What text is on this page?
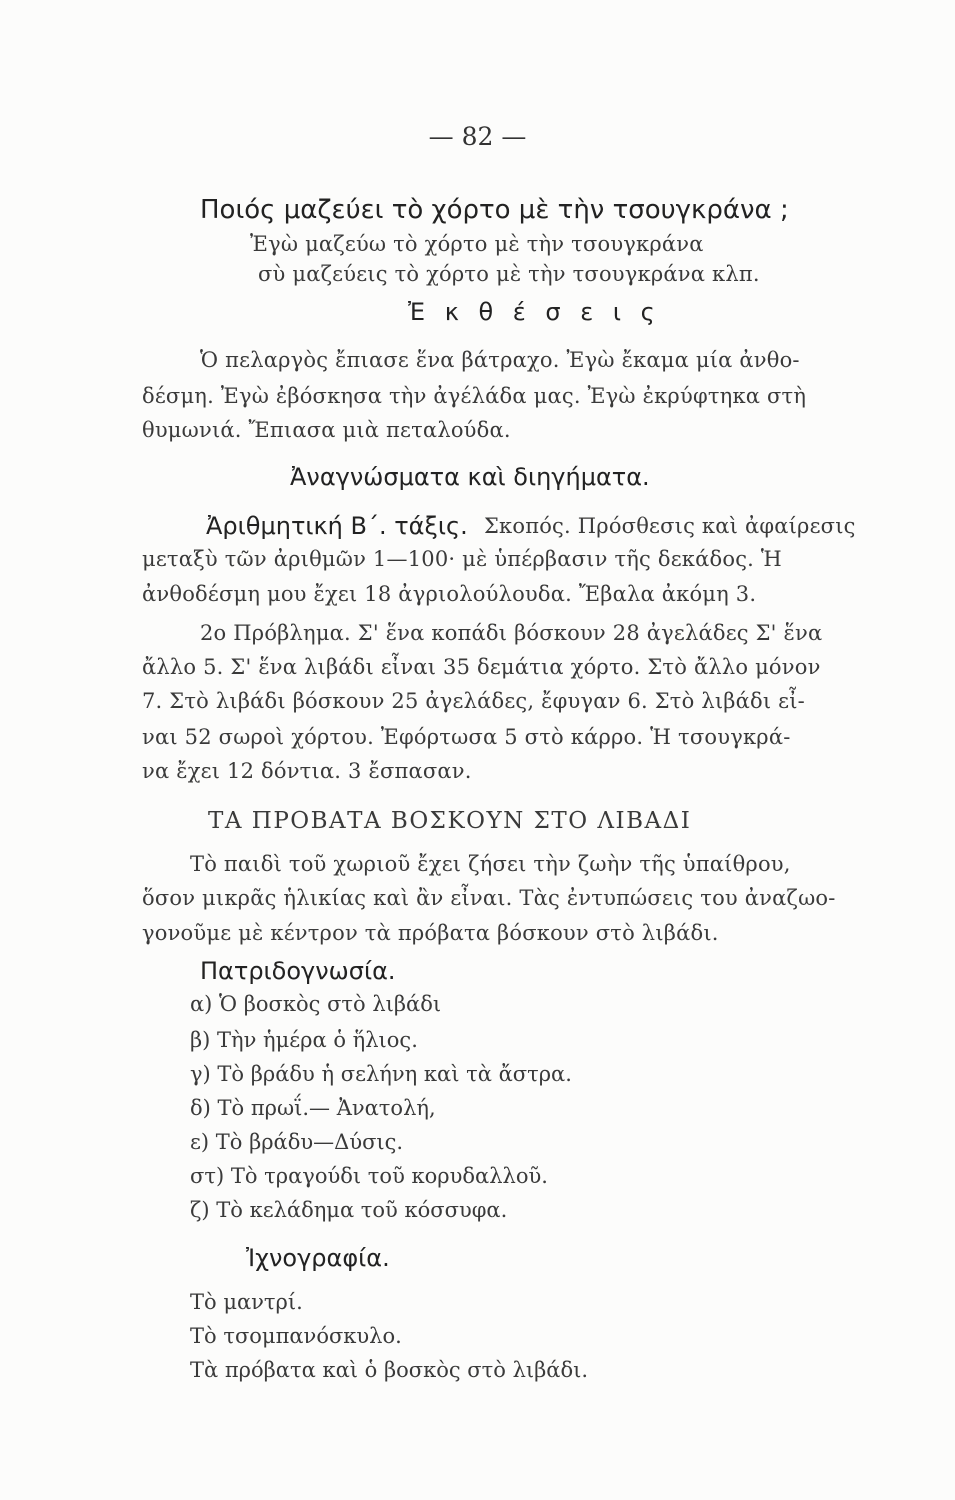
— 82 —
Ποιός μαζεύει τὸ χόρτο μὲ τὴν τσουγκράνα ;
Ἐγὼ μαζεύω τὸ χόρτο μὲ τὴν τσουγκράνα
σὺ μαζεύεις τὸ χόρτο μὲ τὴν τσουγκράνα κλπ.
Ἐ κ θ έ σ ε ι ς
Ὁ πελαργὸς ἔπιασε ἕνα βάτραχο. Ἐγὼ ἔκαμα μία ἀνθο-
δέσμη. Ἐγὼ ἐβόσκησα τὴν ἀγέλάδα μας. Ἐγὼ ἐκρύφτηκα στὴ
θυμωνιά. Ἔπιασα μιὰ πεταλούδα.
Ἀναγνώσματα καὶ διηγήματα.
Ἀριθμητική Β΄. τάξις. Σκοπός. Πρόσθεσις καὶ ἀφαίρεσις
μεταξὺ τῶν ἀριθμῶν 1—100· μὲ ὑπέρβασιν τῆς δεκάδος. Ἡ
ἀνθοδέσμη μου ἔχει 18 ἀγριολούλουδα. Ἔβαλα ἀκόμη 3.
2ο Πρόβλημα. Σ' ἕνα κοπάδι βόσκουν 28 ἀγελάδες Σ' ἕνα
ἄλλο 5. Σ' ἕνα λιβάδι εἶναι 35 δεμάτια χόρτο. Στὸ ἄλλο μόνον
7. Στὸ λιβάδι βόσκουν 25 ἀγελάδες, ἔφυγαν 6. Στὸ λιβάδι εἶ-
ναι 52 σωροὶ χόρτου. Ἐφόρτωσα 5 στὸ κάρρο. Ἡ τσουγκρά-
να ἔχει 12 δόντια. 3 ἔσπασαν.
ΤΑ ΠΡΟΒΑΤΑ ΒΟΣΚΟΥΝ ΣΤΟ ΛΙΒΑΔΙ
Τὸ παιδὶ τοῦ χωριοῦ ἔχει ζήσει τὴν ζωὴν τῆς ὑπαίθρου,
ὅσον μικρᾶς ἡλικίας καὶ ἂν εἶναι. Τὰς ἐντυπώσεις του ἀναζωο-
γονοῦμε μὲ κέντρον τὰ πρόβατα βόσκουν στὸ λιβάδι.
Πατριδογνωσία.
α) Ὁ βοσκὸς στὸ λιβάδι
β) Τὴν ἡμέρα ὁ ἥλιος.
γ) Τὸ βράδυ ἡ σελήνη καὶ τὰ ἄστρα.
δ) Τὸ πρωΐ.— Ἀνατολή,
ε) Τὸ βράδυ—Δύσις.
στ) Τὸ τραγούδι τοῦ κορυδαλλοῦ.
ζ) Τὸ κελάδημα τοῦ κόσσυφα.
Ἰχνογραφία.
Τὸ μαντρί.
Τὸ τσομπανόσκυλο.
Τὰ πρόβατα καὶ ὁ βοσκὸς στὸ λιβάδι.
